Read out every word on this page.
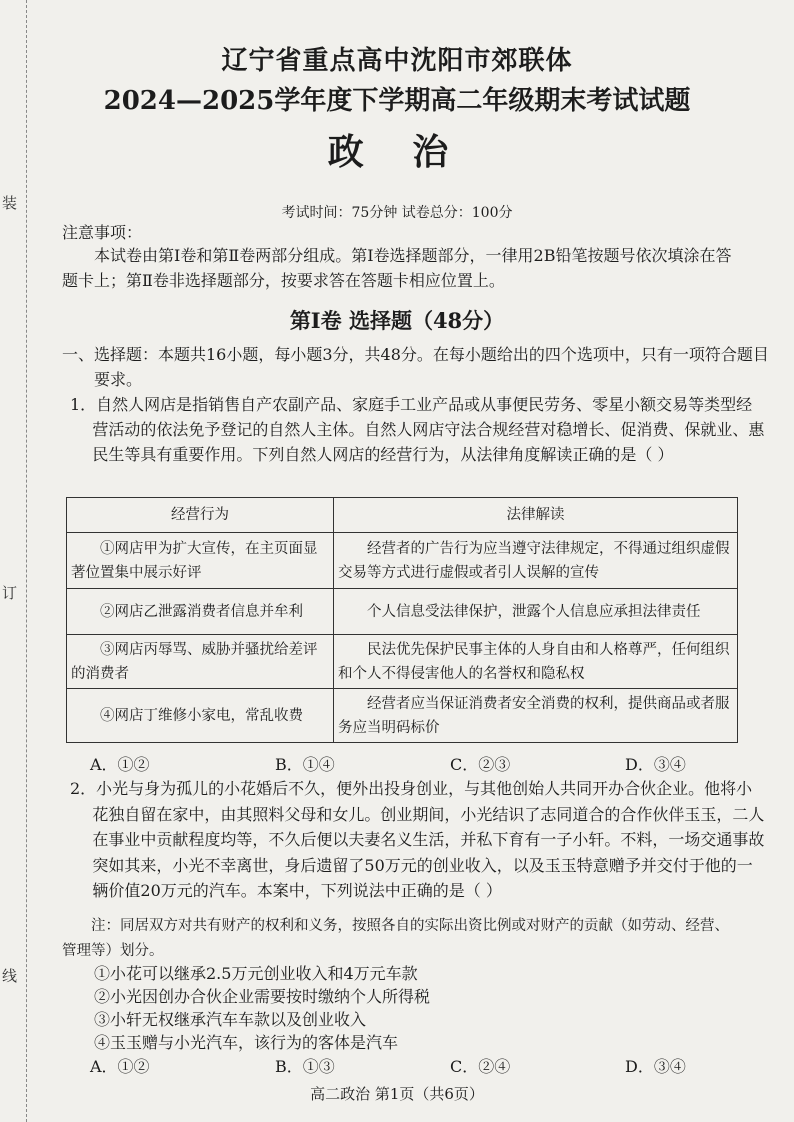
装
订
线
辽宁省重点高中沈阳市郊联体
2024—2025学年度下学期高二年级期末考试试题
政 治
考试时间：75分钟 试卷总分：100分
注意事项：
本试卷由第Ⅰ卷和第Ⅱ卷两部分组成。第Ⅰ卷选择题部分，一律用2B铅笔按题号依次填涂在答题卡上；第Ⅱ卷非选择题部分，按要求答在答题卡相应位置上。
第Ⅰ卷 选择题（48分）
一、选择题：本题共16小题，每小题3分，共48分。在每小题给出的四个选项中，只有一项符合题目要求。
1．自然人网店是指销售自产农副产品、家庭手工业产品或从事便民劳务、零星小额交易等类型经营活动的依法免予登记的自然人主体。自然人网店守法合规经营对稳增长、促消费、保就业、惠民生等具有重要作用。下列自然人网店的经营行为，从法律角度解读正确的是（ ）
经营行为	法律解读
①网店甲为扩大宣传，在主页面显著位置集中展示好评	经营者的广告行为应当遵守法律规定，不得通过组织虚假交易等方式进行虚假或者引人误解的宣传
②网店乙泄露消费者信息并牟利	个人信息受法律保护，泄露个人信息应承担法律责任
③网店丙辱骂、威胁并骚扰给差评的消费者	民法优先保护民事主体的人身自由和人格尊严，任何组织和个人不得侵害他人的名誉权和隐私权
④网店丁维修小家电，常乱收费	经营者应当保证消费者安全消费的权利，提供商品或者服务应当明码标价
A．①②	B．①④	C．②③	D．③④
2．小光与身为孤儿的小花婚后不久，便外出投身创业，与其他创始人共同开办合伙企业。他将小花独自留在家中，由其照料父母和女儿。创业期间，小光结识了志同道合的合作伙伴玉玉，二人在事业中贡献程度均等，不久后便以夫妻名义生活，并私下育有一子小轩。不料，一场交通事故突如其来，小光不幸离世，身后遗留了50万元的创业收入，以及玉玉特意赠予并交付于他的一辆价值20万元的汽车。本案中，下列说法中正确的是（ ）
注：同居双方对共有财产的权利和义务，按照各自的实际出资比例或对财产的贡献（如劳动、经营、管理等）划分。
①小花可以继承2.5万元创业收入和4万元车款
②小光因创办合伙企业需要按时缴纳个人所得税
③小轩无权继承汽车车款以及创业收入
④玉玉赠与小光汽车，该行为的客体是汽车
A．①②	B．①③	C．②④	D．③④
高二政治 第1页（共6页）
